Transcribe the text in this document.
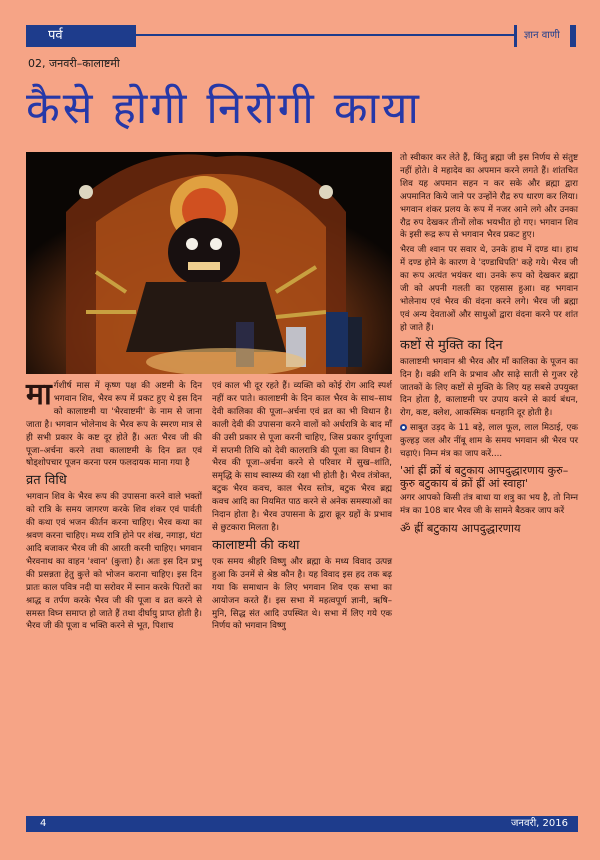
पर्व	ज्ञान वाणी
02, जनवरी–कालाष्टमी
कैसे होगी निरोगी काया

मार्गशीर्ष मास में कृष्ण पक्ष की अष्टमी के दिन भगवान शिव, भैरव रूप में प्रकट हुए थे इस दिन को कालाष्टमी या 'भैरवाष्टमी' के नाम से जाना जाता है। भगवान भोलेनाथ के भैरव रूप के स्मरण मात्र से ही सभी प्रकार के कष्ट दूर होते हैं। अतः भैरव जी की पूजा–अर्चना करने तथा कालाष्टमी के दिन व्रत एवं षोड्शोपचार पूजन करना परम फलदायक माना गया है

व्रत विधि

भगवान शिव के भैरव रूप की उपासना करने वाले भक्तों को रात्रि के समय जागरण करके शिव शंकर एवं पार्वती की कथा एवं भजन कीर्तन करना चाहिए। भैरव कथा का श्रवण करना चाहिए। मध्य रात्रि होने पर शंख, नगाड़ा, घंटा आदि बजाकर भैरव जी की आरती करनी चाहिए। भगवान भैरवनाथ का वाहन 'श्वान' (कुत्ता) है। अतः इस दिन प्रभु की प्रसन्नता हेतु कुत्ते को भोजन कराना चाहिए। इस दिन प्रातः काल पवित्र नदी या सरोवर में स्नान करके पितरों का श्राद्ध व तर्पण करके भैरव जी की पूजा व व्रत करने से समस्त विघ्न समाप्त हो जाते हैं तथा दीर्घायु प्राप्त होती है। भैरव जी की पूजा व भक्ति करने से भूत, पिशाच

एवं काल भी दूर रहते हैं। व्यक्ति को कोई रोग आदि स्पर्श नहीं कर पाते। कालाष्टमी के दिन काल भैरव के साथ–साथ देवी कालिका की पूजा–अर्चना एवं व्रत का भी विधान है। काली देवी की उपासना करने वालों को अर्धरात्रि के बाद माँ की उसी प्रकार से पूजा करनी चाहिए, जिस प्रकार दुर्गापूजा में सप्तमी तिथि को देवी कालरात्रि की पूजा का विधान है। भैरव की पूजा–अर्चना करने से परिवार में सुख–शांति, समृद्धि के साथ स्वास्थ्य की रक्षा भी होती है। भैरव तंत्रोक्त, बटुक भैरव कवच, काल भैरव स्तोत्र, बटुक भैरव ब्रह्म कवच आदि का नियमित पाठ करने से अनेक समस्याओं का निदान होता है। भैरव उपासना के द्वारा क्रूर ग्रहों के प्रभाव से छुटकारा मिलता है।

कालाष्टमी की कथा

एक समय श्रीहरि विष्णु और ब्रह्मा के मध्य विवाद उत्पन्न हुआ कि उनमें से श्रेष्ठ कौन है। यह विवाद इस हद तक बढ़ गया कि समाधान के लिए भगवान शिव एक सभा का आयोजन करते हैं। इस सभा में महत्वपूर्ण ज्ञानी, ऋषि–मुनि, सिद्ध संत आदि उपस्थित थे। सभा में लिए गये एक निर्णय को भगवान विष्णु

तो स्वीकार कर लेते हैं, किंतु ब्रह्मा जी इस निर्णय से संतुष्ट नहीं होते। वे महादेव का अपमान करने लगते हैं। शांतचित शिव यह अपमान सहन न कर सके और ब्रह्मा द्वारा अपमानित किये जाने पर उन्होंने रौद्र रुप धारण कर लिया। भगवान शंकर प्रलय के रूप में नजर आने लगे और उनका रौद्र रुप देखकर तीनों लोक भयभीत हो गए। भगवान शिव के इसी रूद्र रूप से भगवान भैरव प्रकट हुए।

भैरव जी श्वान पर सवार थे, उनके हाथ में दण्ड था। हाथ में दण्ड होने के कारण वे 'दण्डाधिपति' कहे गये। भैरव जी का रूप अत्यंत भयंकर था। उनके रूप को देखकर ब्रह्मा जी को अपनी गलती का एहसास हुआ। वह भगवान भोलेनाथ एवं भैरव की वंदना करने लगे। भैरव जी ब्रह्मा एवं अन्य देवताओं और साधुओं द्वारा वंदना करने पर शांत हो जाते हैं।

कष्टों से मुक्ति का दिन

कालाष्टमी भगवान श्री भैरव और माँ कालिका के पूजन का दिन है। वक्री शनि के प्रभाव और साढ़े साती से गुजर रहे जातकों के लिए कष्टों से मुक्ति के लिए यह सबसे उपयुक्त दिन होता है, कालाष्टमी पर उपाय करने से कार्य बंधन, रोग, कष्ट, क्लेश, आकस्मिक धनहानि दूर होती है।

साबुत उड़द के 11 बड़े, लाल फूल, लाल मिठाई, एक कुल्हड़ जल और नींबू शाम के समय भगवान श्री भैरव पर चढ़ाएं। निम्न मंत्र का जाप करें....

'आं ह्रीं क्रों बं बटुकाय आपदुद्धारणाय कुरु–कुरु बटुकाय बं क्रों ह्रीं आं स्वाहा'

अगर आपको किसी तंत्र बाधा या शत्रु का भय है, तो निम्न मंत्र का 108 बार भैरव जी के सामने बैठकर जाप करें

ॐ ह्रीं बटुकाय आपदुद्धारणाय

4	जनवरी, 2016
